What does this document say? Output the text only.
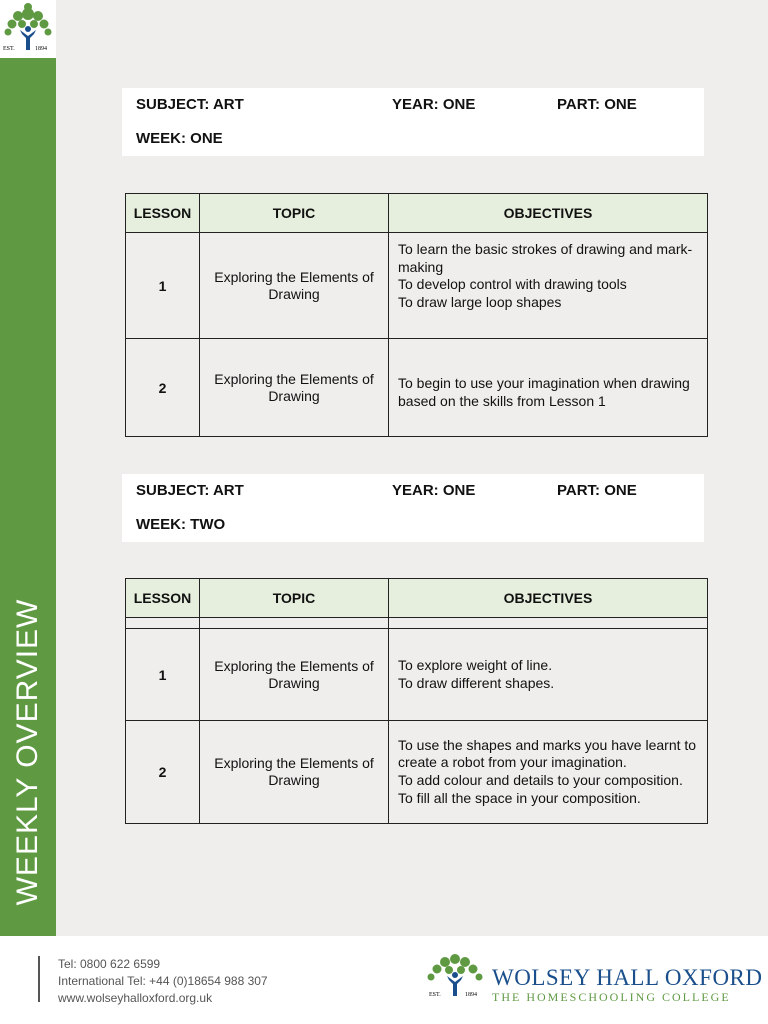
EST.	1894
WEEKLY OVERVIEW
SUBJECT: ART	YEAR: ONE	PART: ONE
WEEK: ONE
LESSON	TOPIC	OBJECTIVES
1	Exploring the Elements of Drawing	To learn the basic strokes of drawing and mark-making
To develop control with drawing tools
To draw large loop shapes

2	Exploring the Elements of Drawing	To begin to use your imagination when drawing based on the skills from Lesson 1
SUBJECT: ART	YEAR: ONE	PART: ONE
WEEK: TWO
LESSON	TOPIC	OBJECTIVES

1	Exploring the Elements of Drawing	To explore weight of line.
To draw different shapes.

2	Exploring the Elements of Drawing	To use the shapes and marks you have learnt to create a robot from your imagination.
To add colour and details to your composition.
To fill all the space in your composition.
Tel: 0800 622 6599
International Tel: +44 (0)18654 988 307
www.wolseyhalloxford.org.uk	EST.	1894
WOLSEY HALL OXFORD
THE HOMESCHOOLING COLLEGE
